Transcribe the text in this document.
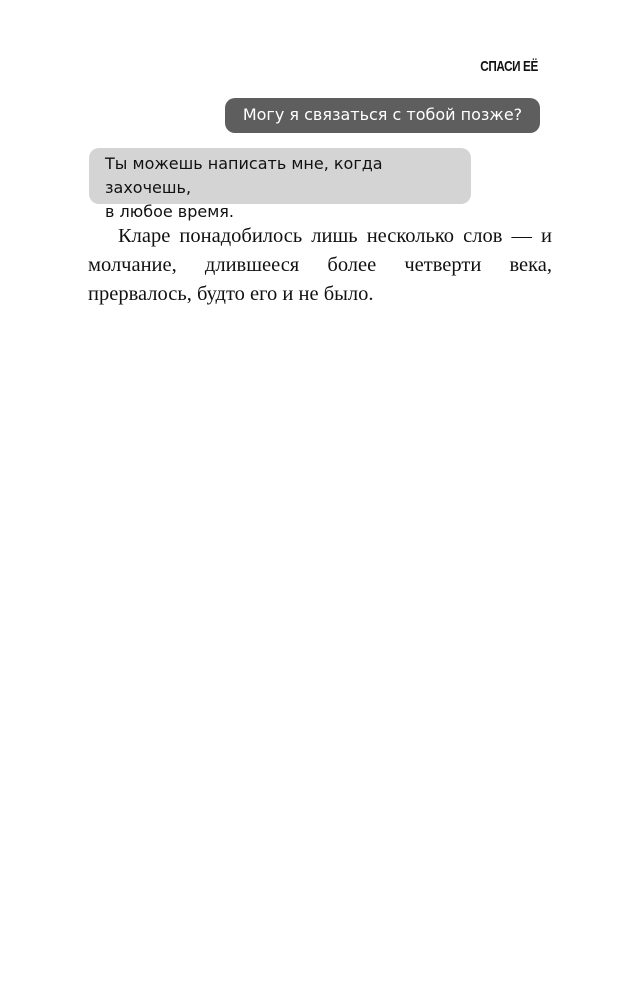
СПАСИ ЕЁ
Могу я связаться с тобой позже?
Ты можешь написать мне, когда захочешь,
в любое время.

Кларе понадобилось лишь несколько слов — и молчание, длившееся более четверти века, прервалось, будто его и не было.
